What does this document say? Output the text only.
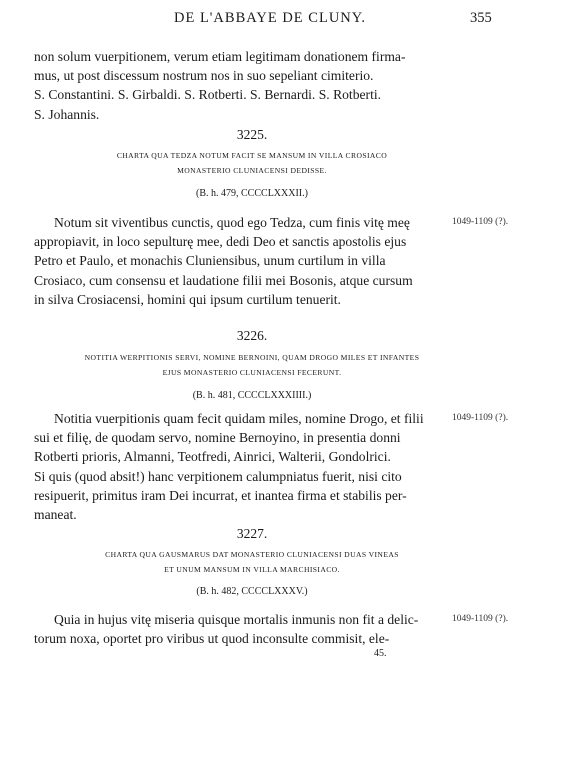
DE L'ABBAYE DE CLUNY.	355

non solum vuerpitionem, verum etiam legitimam donationem firma-

mus, ut post discessum nostrum nos in suo sepeliant cimiterio.

S. Constantini. S. Girbaldi. S. Rotberti. S. Bernardi. S. Rotberti.

S. Johannis.

3225.
CHARTA QUA TEDZA NOTUM FACIT SE MANSUM IN VILLA CROSIACO
MONASTERIO CLUNIACENSI DEDISSE.
(B. h. 479, CCCCLXXXII.)
1049-1109 (?).

Notum sit viventibus cunctis, quod ego Tedza, cum finis vitę meę

appropiavit, in loco sepulturę mee, dedi Deo et sanctis apostolis ejus

Petro et Paulo, et monachis Cluniensibus, unum curtilum in villa

Crosiaco, cum consensu et laudatione filii mei Bosonis, atque cursum

in silva Crosiacensi, homini qui ipsum curtilum tenuerit.

3226.
NOTITIA WERPITIONIS SERVI, NOMINE BERNOINI, QUAM DROGO MILES ET INFANTES
EJUS MONASTERIO CLUNIACENSI FECERUNT.
(B. h. 481, CCCCLXXXIIII.)
1049-1109 (?).

Notitia vuerpitionis quam fecit quidam miles, nomine Drogo, et filii

sui et filię, de quodam servo, nomine Bernoyino, in presentia donni

Rotberti prioris, Almanni, Teotfredi, Ainrici, Walterii, Gondolrici.

Si quis (quod absit!) hanc verpitionem calumpniatus fuerit, nisi cito

resipuerit, primitus iram Dei incurrat, et inantea firma et stabilis per-

maneat.

3227.
CHARTA QUA GAUSMARUS DAT MONASTERIO CLUNIACENSI DUAS VINEAS
ET UNUM MANSUM IN VILLA MARCHISIACO.
(B. h. 482, CCCCLXXXV.)
1049-1109 (?).

Quia in hujus vitę miseria quisque mortalis inmunis non fit a delic-

torum noxa, oportet pro viribus ut quod inconsulte commisit, ele-

45.
